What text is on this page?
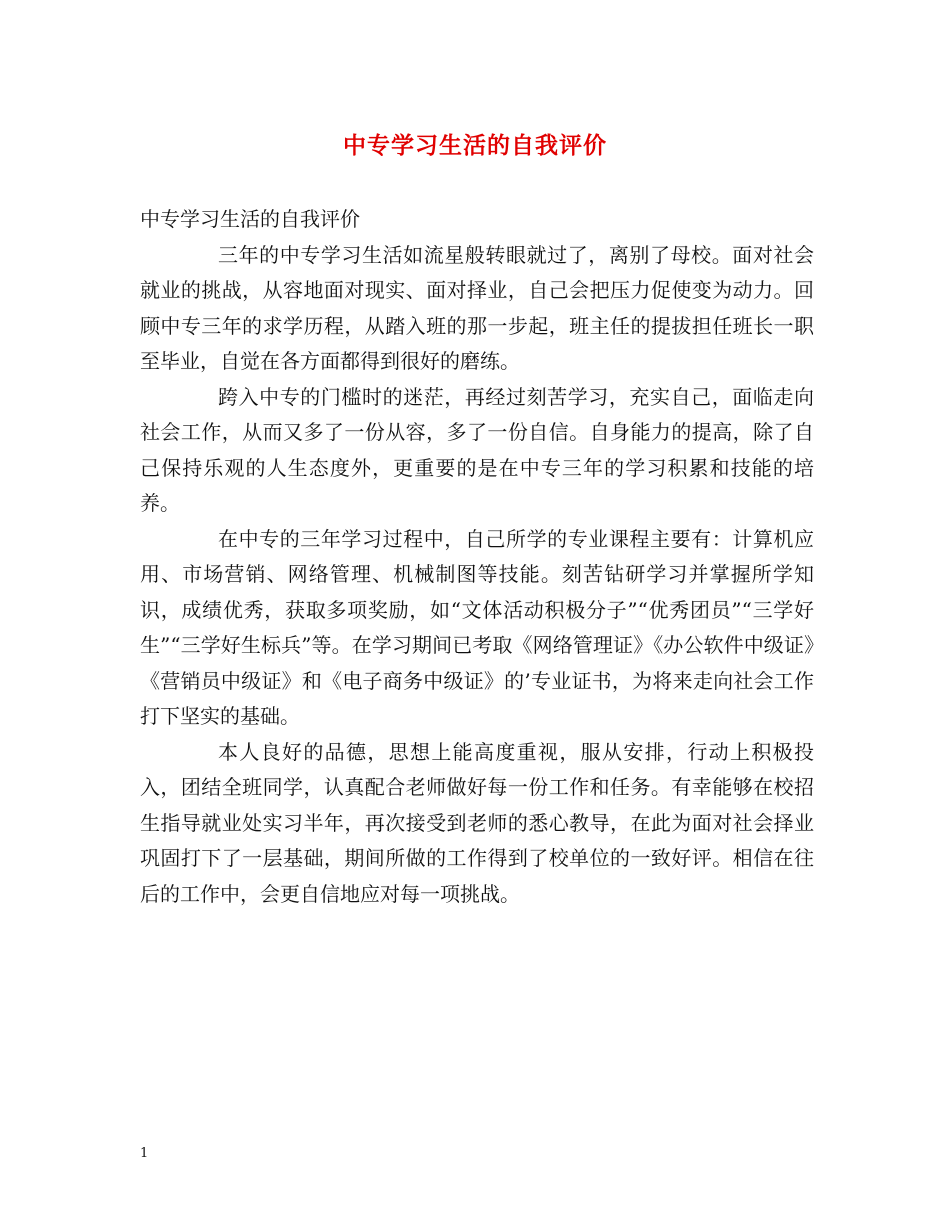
中专学习生活的自我评价

中专学习生活的自我评价

三年的中专学习生活如流星般转眼就过了，离别了母校。面对社会就业的挑战，从容地面对现实、面对择业，自己会把压力促使变为动力。回顾中专三年的求学历程，从踏入班的那一步起，班主任的提拔担任班长一职至毕业，自觉在各方面都得到很好的磨练。

跨入中专的门槛时的迷茫，再经过刻苦学习，充实自己，面临走向社会工作，从而又多了一份从容，多了一份自信。自身能力的提高，除了自己保持乐观的人生态度外，更重要的是在中专三年的学习积累和技能的培养。

在中专的三年学习过程中，自己所学的专业课程主要有：计算机应用、市场营销、网络管理、机械制图等技能。刻苦钻研学习并掌握所学知识，成绩优秀，获取多项奖励，如“文体活动积极分子”“优秀团员”“三学好生”“三学好生标兵”等。在学习期间已考取《网络管理证》《办公软件中级证》《营销员中级证》和《电子商务中级证》的’专业证书，为将来走向社会工作打下坚实的基础。

本人良好的品德，思想上能高度重视，服从安排，行动上积极投入，团结全班同学，认真配合老师做好每一份工作和任务。有幸能够在校招生指导就业处实习半年，再次接受到老师的悉心教导，在此为面对社会择业巩固打下了一层基础，期间所做的工作得到了校单位的一致好评。相信在往后的工作中，会更自信地应对每一项挑战。

1
